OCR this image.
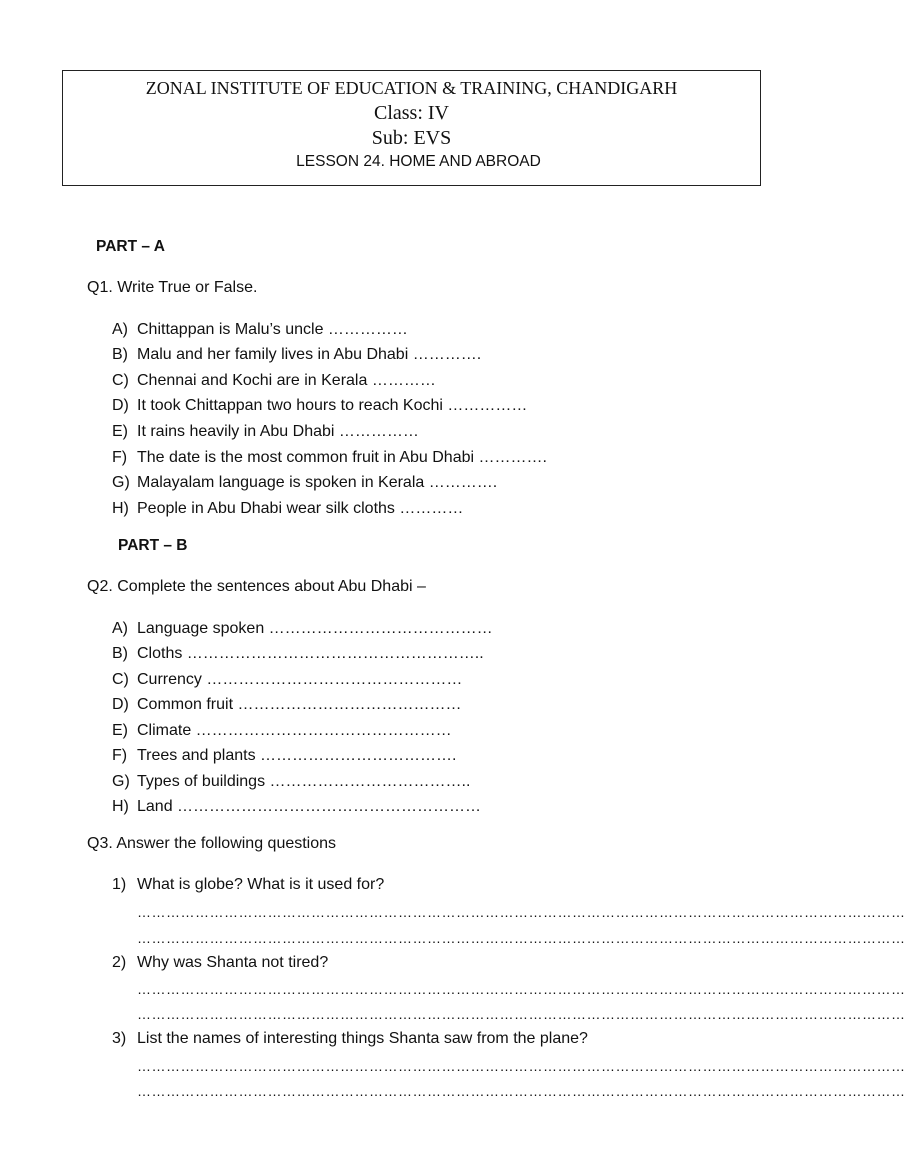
ZONAL INSTITUTE OF EDUCATION & TRAINING, CHANDIGARH
Class: IV
Sub: EVS
LESSON 24. HOME AND ABROAD
PART – A
Q1. Write True or False.
A) Chittappan is Malu’s uncle ……………
B) Malu and her family lives in Abu Dhabi ………….
C) Chennai and Kochi are in Kerala …………
D) It took Chittappan two hours to reach Kochi ……………
E) It rains heavily in Abu Dhabi ……………
F) The date is the most common fruit in Abu Dhabi ………….
G) Malayalam language is spoken in Kerala ………….
H) People in Abu Dhabi wear silk cloths …………
PART – B
Q2. Complete the sentences about Abu Dhabi –
A) Language spoken ……………………………………
B) Cloths ………………………………………………..
C) Currency …………………………………………
D) Common fruit ……………………………………
E) Climate …………………………………………
F) Trees and plants ……………………………….
G) Types of buildings ………………………………..
H) Land …………………………………………………
Q3. Answer the following questions
1) What is globe? What is it used for?
……………………………………………………………………………………………………………………………………………
……………………………………………………………………………………………………………………………………………
2) Why was Shanta not tired?
……………………………………………………………………………………………………………………………………………
……………………………………………………………………………………………………………………………………………
3) List the names of interesting things Shanta saw from the plane?
……………………………………………………………………………………………………………………………………………
……………………………………………………………………………………………………………………………………………
